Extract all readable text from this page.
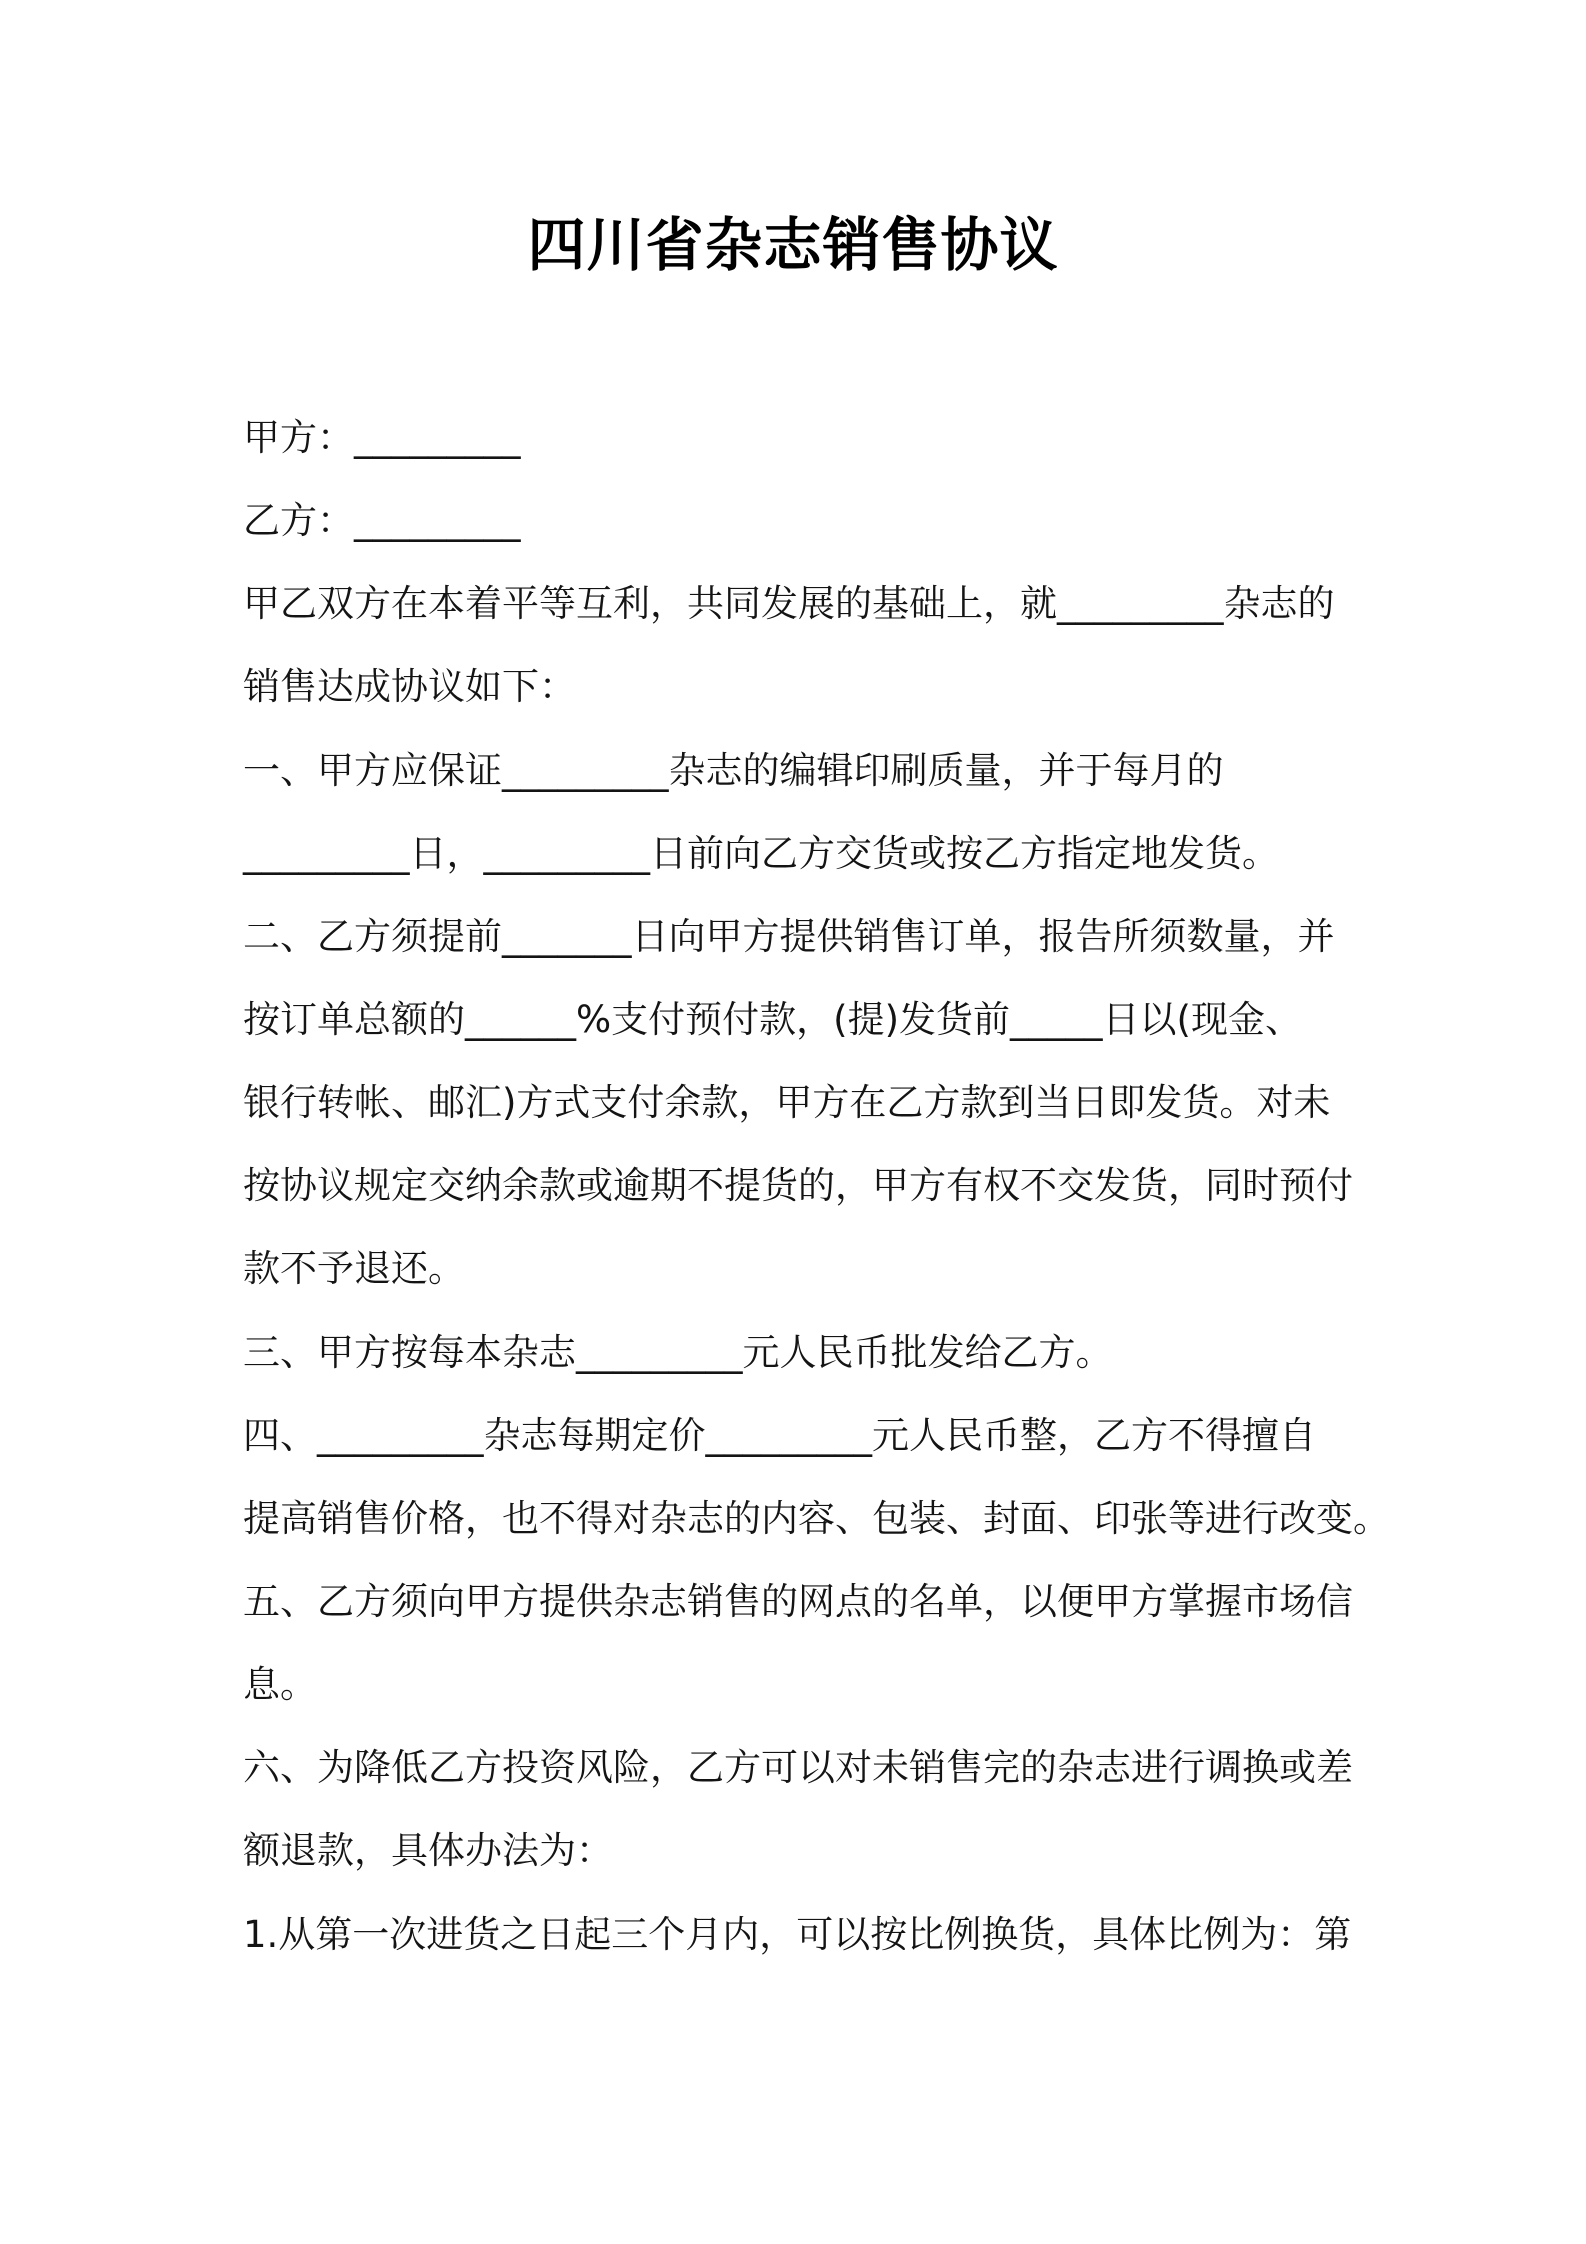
四川省杂志销售协议
甲方：_________
乙方：_________
甲乙双方在本着平等互利，共同发展的基础上，就_________杂志的
销售达成协议如下：
一、甲方应保证_________杂志的编辑印刷质量，并于每月的
_________日，_________日前向乙方交货或按乙方指定地发货。
二、乙方须提前_______日向甲方提供销售订单，报告所须数量，并
按订单总额的______%支付预付款，(提)发货前_____日以(现金、
银行转帐、邮汇)方式支付余款，甲方在乙方款到当日即发货。对未
按协议规定交纳余款或逾期不提货的，甲方有权不交发货，同时预付
款不予退还。
三、甲方按每本杂志_________元人民币批发给乙方。
四、_________杂志每期定价_________元人民币整，乙方不得擅自
提高销售价格，也不得对杂志的内容、包装、封面、印张等进行改变。
五、乙方须向甲方提供杂志销售的网点的名单，以便甲方掌握市场信
息。
六、为降低乙方投资风险，乙方可以对未销售完的杂志进行调换或差
额退款，具体办法为：
1.从第一次进货之日起三个月内，可以按比例换货，具体比例为：第
